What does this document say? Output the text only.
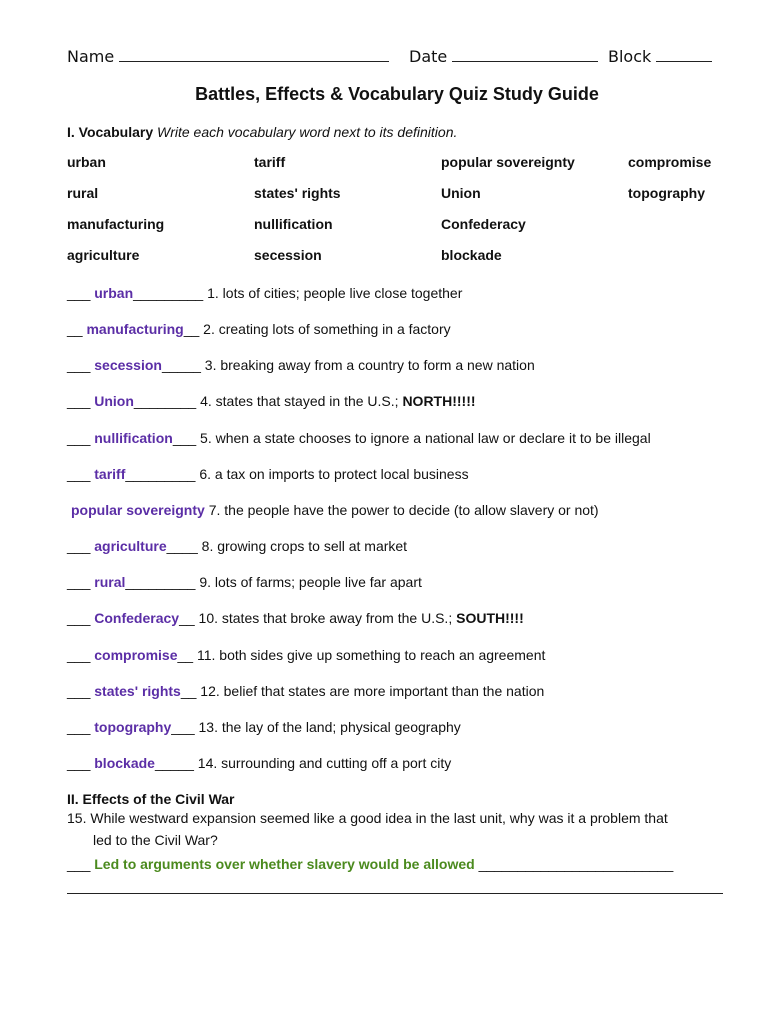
Name	Date	Block
Battles, Effects & Vocabulary Quiz Study Guide
I. Vocabulary Write each vocabulary word next to its definition.
urban
rural
manufacturing
agriculture
tariff
states' rights
nullification
secession
popular sovereignty
Union
Confederacy
blockade
compromise
topography
___ urban_________ 1. lots of cities; people live close together
__ manufacturing__ 2. creating lots of something in a factory
___ secession_____ 3. breaking away from a country to form a new nation
___ Union________ 4. states that stayed in the U.S.; NORTH!!!!!
___ nullification___ 5. when a state chooses to ignore a national law or declare it to be illegal
___ tariff_________ 6. a tax on imports to protect local business
popular sovereignty 7. the people have the power to decide (to allow slavery or not)
___ agriculture____ 8. growing crops to sell at market
___ rural_________ 9. lots of farms; people live far apart
___ Confederacy__ 10. states that broke away from the U.S.; SOUTH!!!!
___ compromise__ 11. both sides give up something to reach an agreement
___ states' rights__ 12. belief that states are more important than the nation
___ topography___ 13. the lay of the land; physical geography
___ blockade_____ 14. surrounding and cutting off a port city
II. Effects of the Civil War
15. While westward expansion seemed like a good idea in the last unit, why was it a problem that
led to the Civil War?
___ Led to arguments over whether slavery would be allowed _________________________
